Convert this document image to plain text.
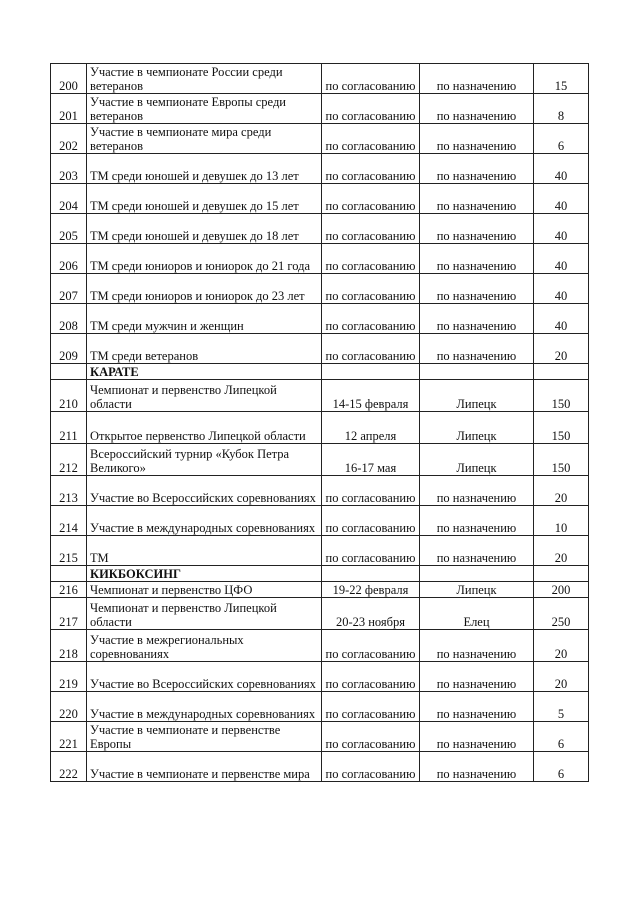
200	Участие в чемпионате России среди ветеранов	по согласованию	по назначению	15
201	Участие в чемпионате Европы среди ветеранов	по согласованию	по назначению	8
202	Участие в чемпионате мира среди ветеранов	по согласованию	по назначению	6
203	ТМ среди юношей и девушек до 13 лет	по согласованию	по назначению	40
204	ТМ среди юношей и девушек до 15 лет	по согласованию	по назначению	40
205	ТМ среди юношей и девушек до 18 лет	по согласованию	по назначению	40
206	ТМ среди юниоров и юниорок до 21 года	по согласованию	по назначению	40
207	ТМ среди юниоров и юниорок до 23 лет	по согласованию	по назначению	40
208	ТМ среди мужчин и женщин	по согласованию	по назначению	40
209	ТМ среди ветеранов	по согласованию	по назначению	20
	КАРАТЕ			
210	Чемпионат и первенство Липецкой области	14-15 февраля	Липецк	150
211	Открытое первенство Липецкой области	12 апреля	Липецк	150
212	Всероссийский турнир «Кубок Петра Великого»	16-17 мая	Липецк	150
213	Участие во Всероссийских соревнованиях	по согласованию	по назначению	20
214	Участие в международных соревнованиях	по согласованию	по назначению	10
215	ТМ	по согласованию	по назначению	20
	КИКБОКСИНГ			
216	Чемпионат и первенство ЦФО	19-22 февраля	Липецк	200
217	Чемпионат и первенство Липецкой области	20-23 ноября	Елец	250
218	Участие в межрегиональных соревнованиях	по согласованию	по назначению	20
219	Участие во Всероссийских соревнованиях	по согласованию	по назначению	20
220	Участие в международных соревнованиях	по согласованию	по назначению	5
221	Участие в чемпионате и первенстве Европы	по согласованию	по назначению	6
222	Участие в чемпионате и первенстве мира	по согласованию	по назначению	6
